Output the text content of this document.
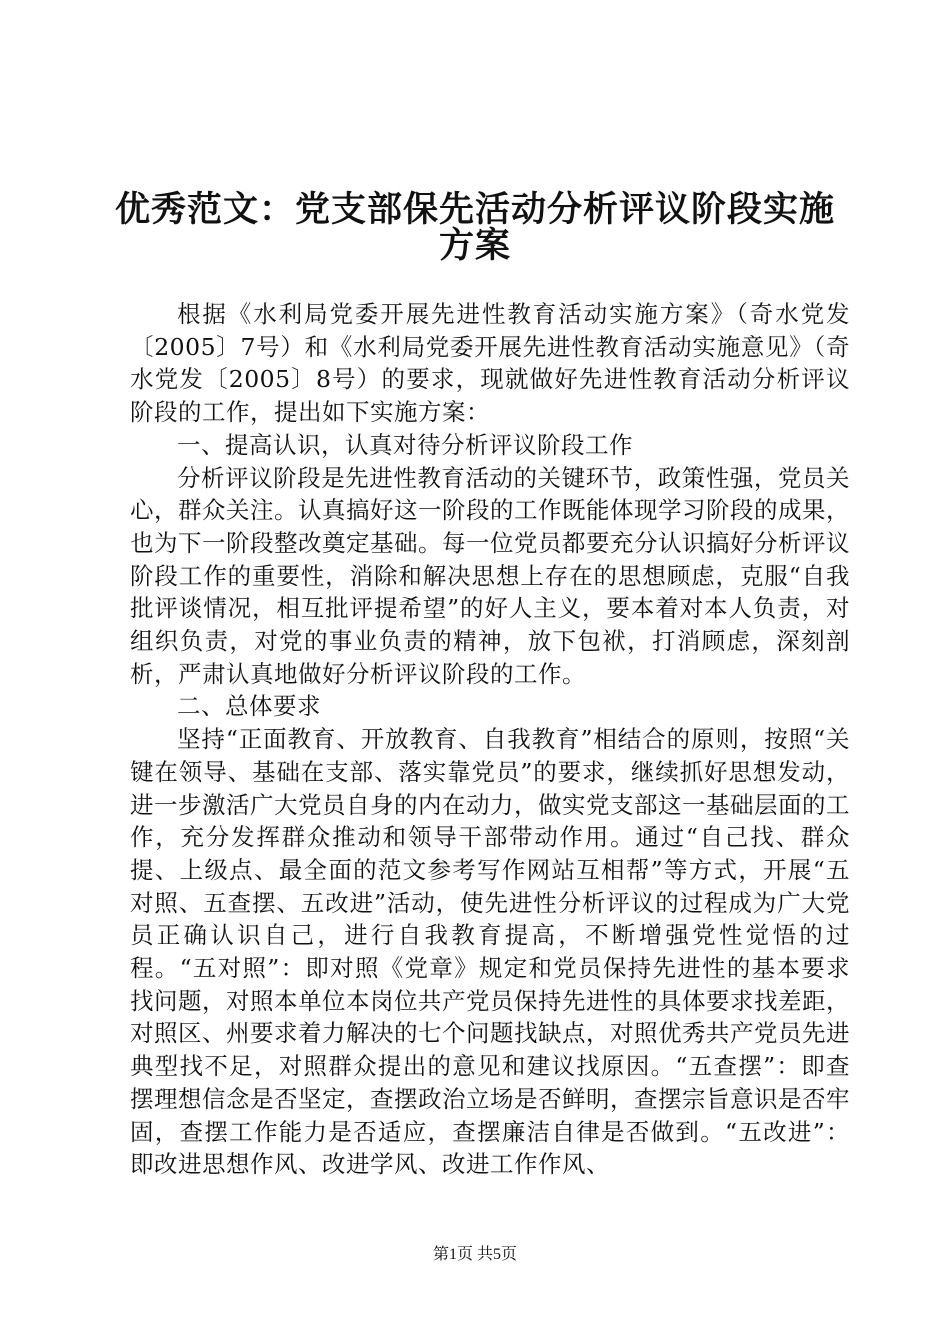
优秀范文：党支部保先活动分析评议阶段实施
方案

根据《水利局党委开展先进性教育活动实施方案》（奇水党发〔2005〕7号）和《水利局党委开展先进性教育活动实施意见》（奇水党发〔2005〕8号）的要求，现就做好先进性教育活动分析评议阶段的工作，提出如下实施方案：

一、提高认识，认真对待分析评议阶段工作

分析评议阶段是先进性教育活动的关键环节，政策性强，党员关心，群众关注。认真搞好这一阶段的工作既能体现学习阶段的成果，也为下一阶段整改奠定基础。每一位党员都要充分认识搞好分析评议阶段工作的重要性，消除和解决思想上存在的思想顾虑，克服“自我批评谈情况，相互批评提希望”的好人主义，要本着对本人负责，对组织负责，对党的事业负责的精神，放下包袱，打消顾虑，深刻剖析，严肃认真地做好分析评议阶段的工作。

二、总体要求

坚持“正面教育、开放教育、自我教育”相结合的原则，按照“关键在领导、基础在支部、落实靠党员”的要求，继续抓好思想发动，进一步激活广大党员自身的内在动力，做实党支部这一基础层面的工作，充分发挥群众推动和领导干部带动作用。通过“自己找、群众提、上级点、最全面的范文参考写作网站互相帮”等方式，开展“五对照、五查摆、五改进”活动，使先进性分析评议的过程成为广大党员正确认识自己，进行自我教育提高，不断增强党性觉悟的过程。“五对照”：即对照《党章》规定和党员保持先进性的基本要求找问题，对照本单位本岗位共产党员保持先进性的具体要求找差距，对照区、州要求着力解决的七个问题找缺点，对照优秀共产党员先进典型找不足，对照群众提出的意见和建议找原因。“五查摆”：即查摆理想信念是否坚定，查摆政治立场是否鲜明，查摆宗旨意识是否牢固，查摆工作能力是否适应，查摆廉洁自律是否做到。“五改进”：即改进思想作风、改进学风、改进工作作风、

第1页 共5页
